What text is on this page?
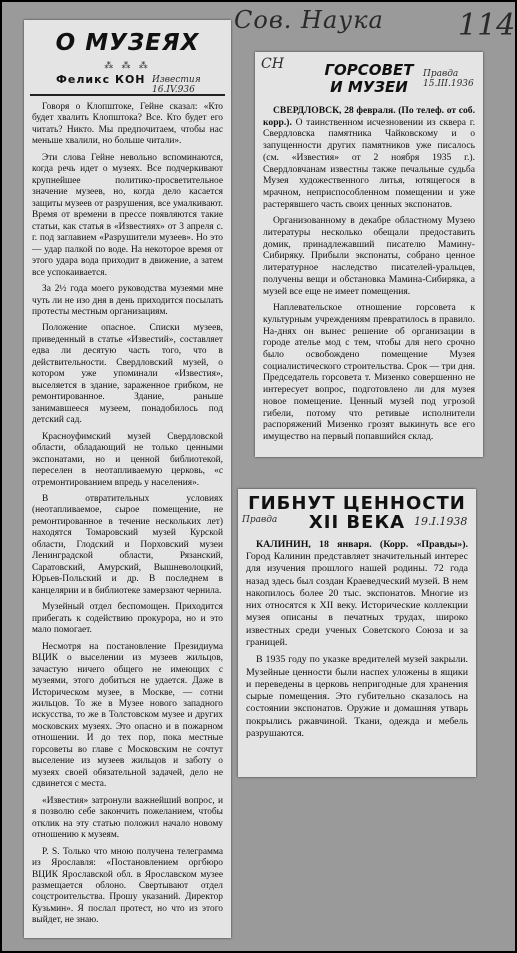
Сов. Наука 114
О МУЗЕЯХ
⁂ ⁂ ⁂
Феликс КОН Известия 16.IV.936

Говоря о Клопштоке, Гейне сказал: «Кто будет хвалить Клопштока? Все. Кто будет его читать? Никто. Мы предпочитаем, чтобы нас меньше хвалили, но больше читали».

Эти слова Гейне невольно вспоминаются, когда речь идет о музеях. Все подчеркивают крупнейшее политико-просветительное значение музеев, но, когда дело касается защиты музеев от разрушения, все умалкивают. Время от времени в прессе появляются такие статьи, как статья в «Известиях» от 3 апреля с. г. под заглавием «Разрушители музеев». Но это — удар палкой по воде. На некоторое время от этого удара вода приходит в движение, а затем все успокаивается.

За 2½ года моего руководства музеями мне чуть ли не изо дня в день приходится посылать протесты местным организациям.

Положение опасное. Списки музеев, приведенный в статье «Известий», составляет едва ли десятую часть того, что в действительности. Свердловский музей, о котором уже упоминали «Известия», выселяется в здание, зараженное грибком, не ремонтированное. Здание, раньше занимавшееся музеем, понадобилось под детский сад.

Красноуфимский музей Свердловской области, обладающий не только ценными экспонатами, но и ценной библиотекой, переселен в неотапливаемую церковь, «с отремонтированием впредь у населения».

В отвратительных условиях (неотапливаемое, сырое помещение, не ремонтированное в течение нескольких лет) находятся Томаровский музей Курской области, Глодский и Порховский музеи Ленинградской области, Рязанский, Саратовский, Амурский, Вышневолоцкий, Юрьев-Польский и др. В последнем в канцелярии и в библиотеке замерзают чернила.

Музейный отдел беспомощен. Приходится прибегать к содействию прокурора, но и это мало помогает.

Несмотря на постановление Президиума ВЦИК о выселении из музеев жильцов, зачастую ничего общего не имеющих с музеями, этого добиться не удается. Даже в Историческом музее, в Москве, — сотни жильцов. То же в Музее нового западного искусства, то же в Толстовском музее и других московских музеях. Это опасно и в пожарном отношении. И до тех пор, пока местные горсоветы во главе с Московским не сочтут выселение из музеев жильцов и заботу о музеях своей обязательной задачей, дело не сдвинется с места.

«Известия» затронули важнейший вопрос, и я позволю себе закончить пожеланием, чтобы отклик на эту статью положил начало новому отношению к музеям.

P. S. Только что мною получена телеграмма из Ярославля: «Постановлением оргбюро ВЦИК Ярославской обл. в Ярославском музее размещается облоно. Свертывают отдел соцстроительства. Прошу указаний. Директор Кузьмин». Я послал протест, но что из этого выйдет, не знаю.

СН	ГОРСОВЕТ
И МУЗЕИ
Правда 15.III.1936

СВЕРДЛОВСК, 28 февраля. (По телеф. от соб. корр.). О таинственном исчезновении из сквера г. Свердловска памятника Чайковскому и о запущенности других памятников уже писалось (см. «Известия» от 2 ноября 1935 г.). Свердловчанам известны также печальные судьба Музея художественного литья, ютящегося в мрачном, неприспособленном помещении и уже растерявшего часть своих ценных экспонатов.

Организованному в декабре областному Музею литературы несколько обещали предоставить домик, принадлежавший писателю Мамину-Сибиряку. Прибыли экспонаты, собрано ценное литературное наследство писателей-уральцев, получены вещи и обстановка Мамина-Сибиряка, а музей все еще не имеет помещения.

Наплевательское отношение горсовета к культурным учреждениям превратилось в правило. На-днях он вынес решение об организации в городе ателье мод с тем, чтобы для него срочно было освобождено помещение Музея социалистического строительства. Срок — три дня. Председатель горсовета т. Мизенко совершенно не интересует вопрос, подготовлено ли для музея новое помещение. Ценный музей под угрозой гибели, потому что ретивые исполнители распоряжений Мизенко грозят выкинуть все его имущество на первый попавшийся склад.

ГИБНУТ ЦЕННОСТИ
XII ВЕКА
Правда	19.I.1938

КАЛИНИН, 18 января. (Корр. «Правды»). Город Калинин представляет значительный интерес для изучения прошлого нашей родины. 72 года назад здесь был создан Краеведческий музей. В нем накопилось более 20 тыс. экспонатов. Многие из них относятся к XII веку. Исторические коллекции музея описаны в печатных трудах, широко известных среди ученых Советского Союза и за границей.

В 1935 году по указке вредителей музей закрыли. Музейные ценности были наспех уложены в ящики и переведены в церковь непригодные для хранения сырые помещения. Это губительно сказалось на состоянии экспонатов. Оружие и домашняя утварь покрылись ржавчиной. Ткани, одежда и мебель разрушаются.
